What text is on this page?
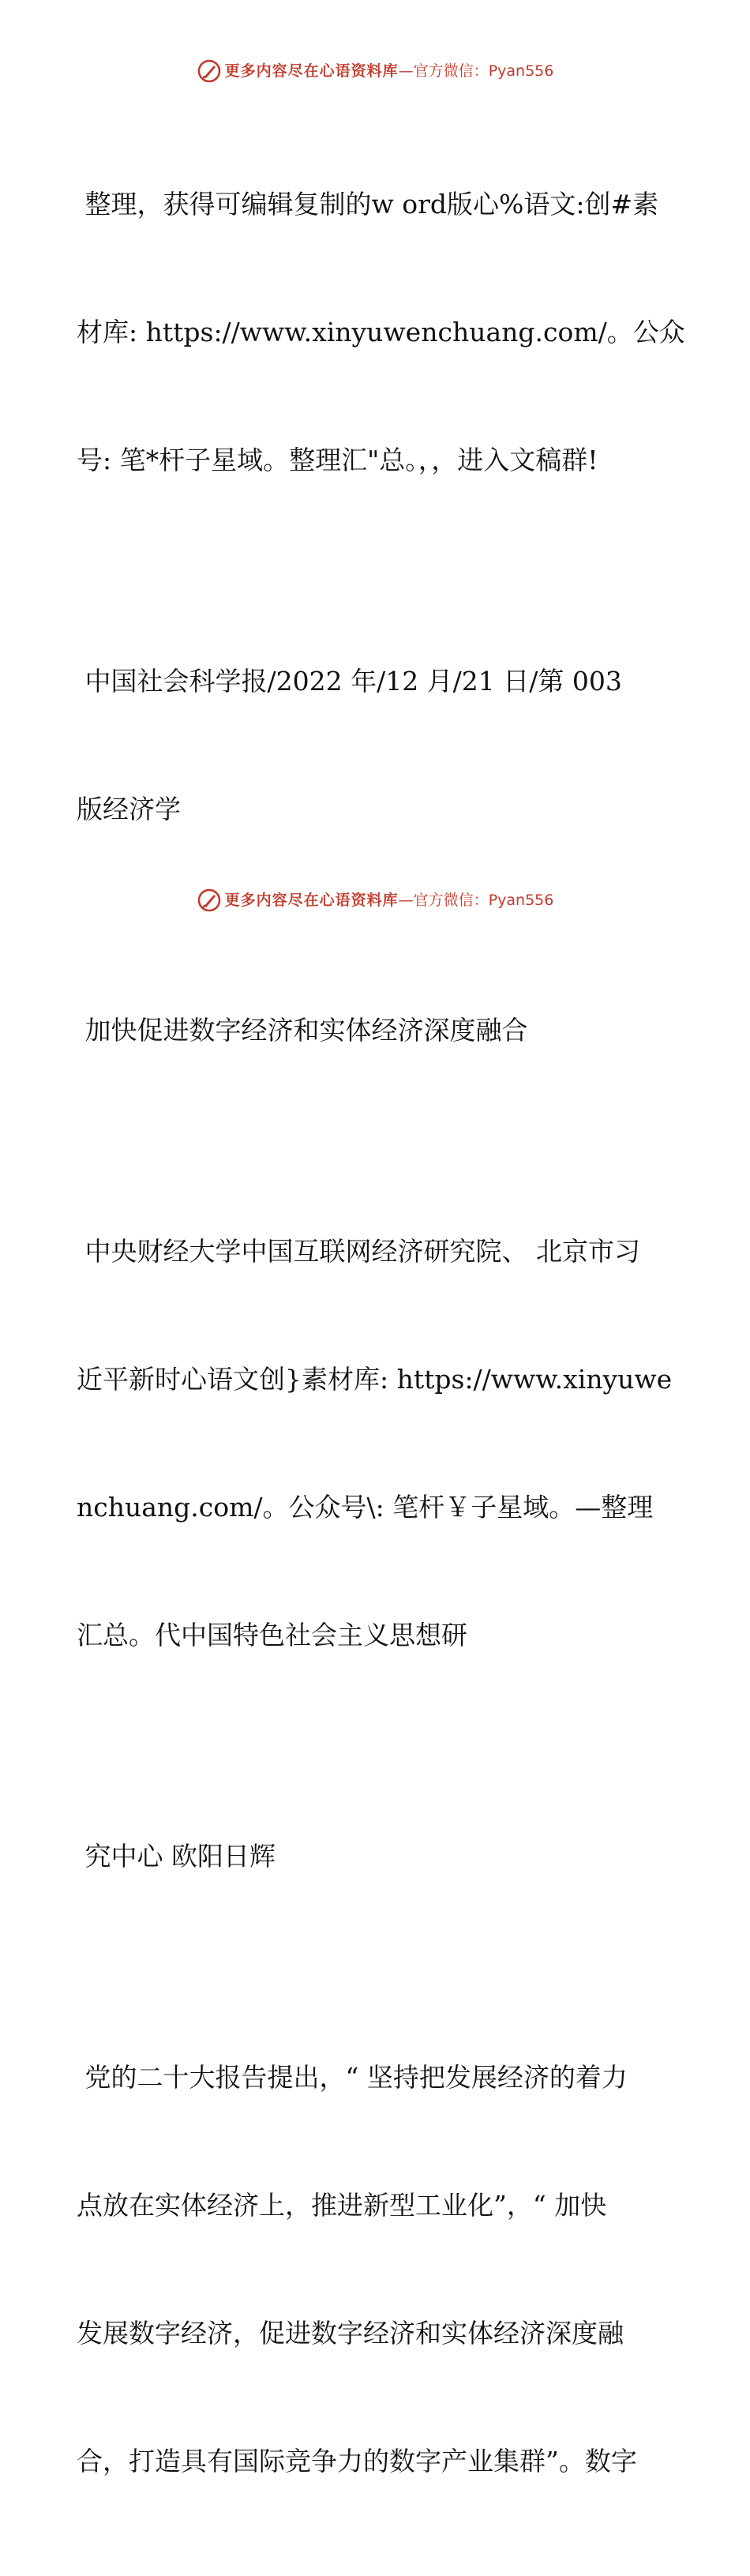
更多内容尽在心语资料库 — 官方微信： Pyan556

整理，获得可编辑复制的w ord版心%语文:创#素

材库: https://www.xinyuwenchuang.com/。公众

号: 笔*杆子星域。整理汇"总。，，进入文稿群!

中国社会科学报/2022 年/12 月/21 日/第 003

版经济学

加快促进数字经济和实体经济深度融合

中央财经大学中国互联网经济研究院、 北京市习

近平新时心语文创}素材库: https://www.xinyuwe

nchuang.com/。公众号\: 笔杆￥子星域。—整理

汇总。代中国特色社会主义思想研

究中心 欧阳日辉

党的二十大报告提出，“ 坚持把发展经济的着力

点放在实体经济上，推进新型工业化”，“ 加快

发展数字经济，促进数字经济和实体经济深度融

合，打造具有国际竞争力的数字产业集群”。数字

更多内容尽在心语资料库 — 官方微信： Pyan556
